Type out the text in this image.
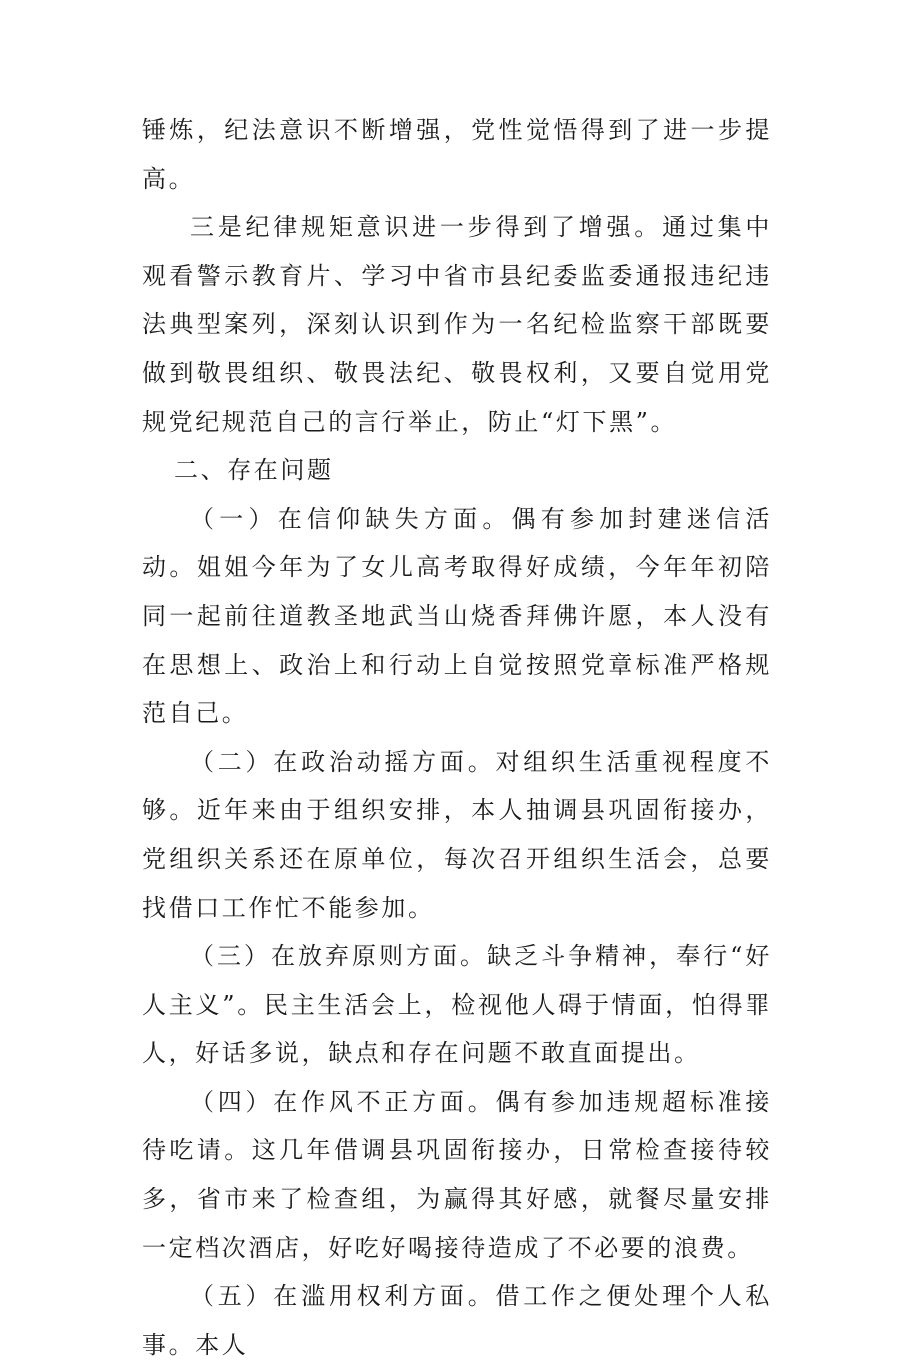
锤炼，纪法意识不断增强，党性觉悟得到了进一步提高。

三是纪律规矩意识进一步得到了增强。通过集中观看警示教育片、学习中省市县纪委监委通报违纪违法典型案列，深刻认识到作为一名纪检监察干部既要做到敬畏组织、敬畏法纪、敬畏权利，又要自觉用党规党纪规范自己的言行举止，防止“灯下黑”。

二、存在问题

（一）在信仰缺失方面。偶有参加封建迷信活动。姐姐今年为了女儿高考取得好成绩，今年年初陪同一起前往道教圣地武当山烧香拜佛许愿，本人没有在思想上、政治上和行动上自觉按照党章标准严格规范自己。

（二）在政治动摇方面。对组织生活重视程度不够。近年来由于组织安排，本人抽调县巩固衔接办，党组织关系还在原单位，每次召开组织生活会，总要找借口工作忙不能参加。

（三）在放弃原则方面。缺乏斗争精神，奉行“好人主义”。民主生活会上，检视他人碍于情面，怕得罪人，好话多说，缺点和存在问题不敢直面提出。

（四）在作风不正方面。偶有参加违规超标准接待吃请。这几年借调县巩固衔接办，日常检查接待较多，省市来了检查组，为赢得其好感，就餐尽量安排一定档次酒店，好吃好喝接待造成了不必要的浪费。

（五）在滥用权利方面。借工作之便处理个人私事。本人
